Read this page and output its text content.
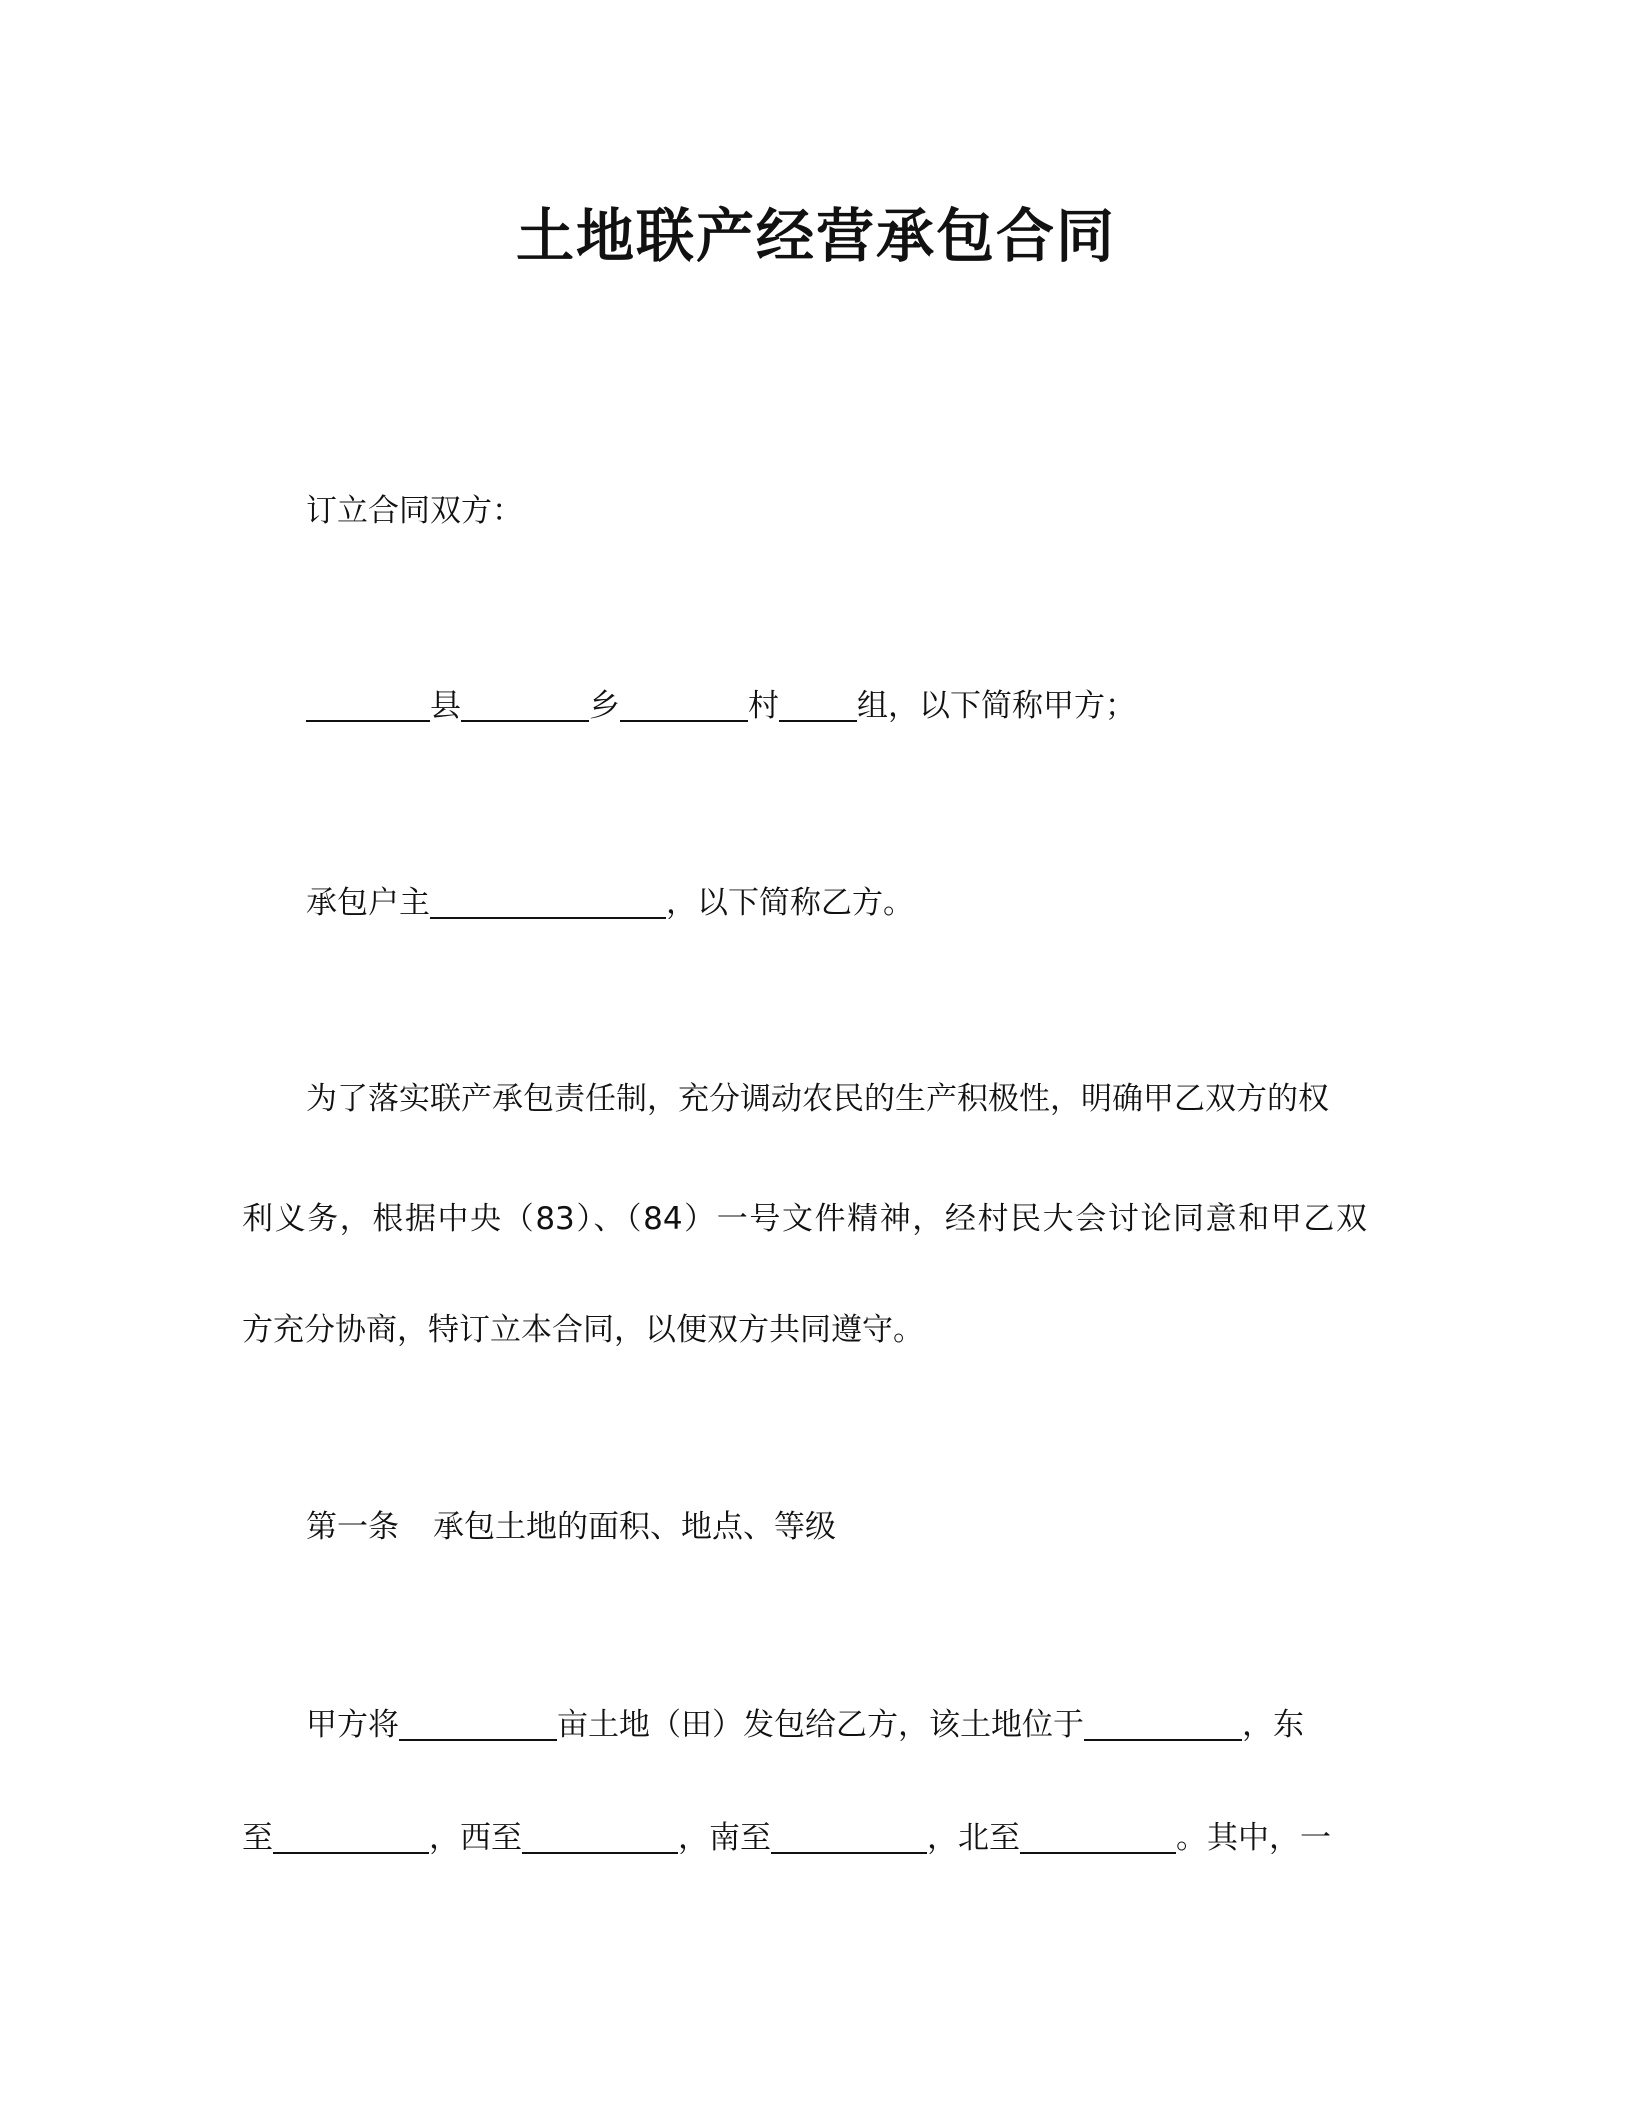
土地联产经营承包合同
订立合同双方：
县	乡	村	组，以下简称甲方；
承包户主	，以下简称乙方。
为了落实联产承包责任制，充分调动农民的生产积极性，明确甲乙双方的权
利义务，根据中央（83）、（84）一号文件精神，经村民大会讨论同意和甲乙双
方充分协商，特订立本合同，以便双方共同遵守。
第一条 承包土地的面积、地点、等级
甲方将	亩土地（田）发包给乙方，该土地位于	，东
至	，西至	，南至	，北至	。其中，一
